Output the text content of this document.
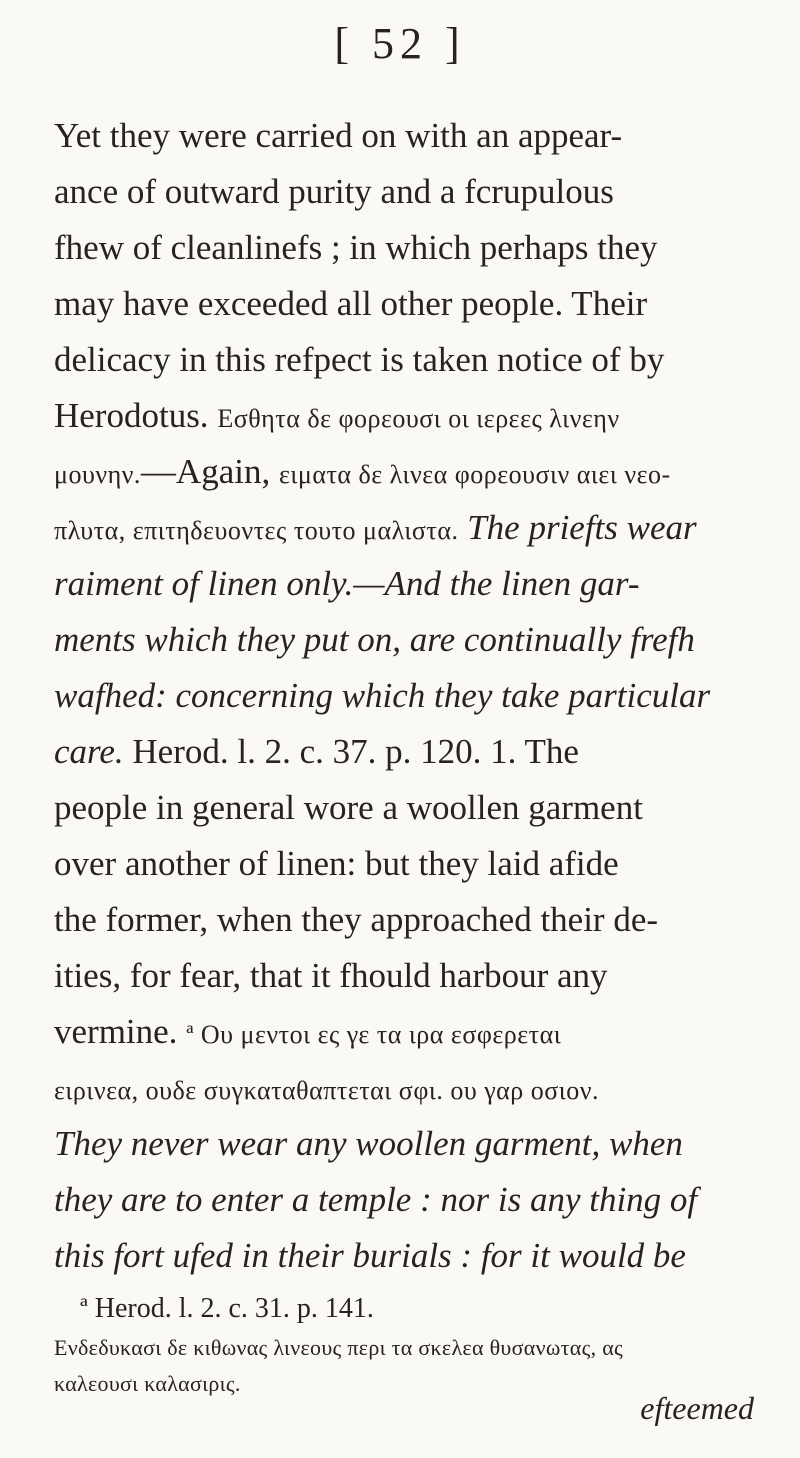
[ 52 ]
Yet they were carried on with an appear-
ance of outward purity and a fcrupulous
fhew of cleanlinefs ; in which perhaps they
may have exceeded all other people. Their
delicacy in this refpect is taken notice of by
Herodotus. Εσθητα δε φορεουσι οι ιερεες λινεην
μουνην.—Again, ειματα δε λινεα φορεουσιν αιει νεο-
πλυτα, επιτηδευοντες τουτο μαλιστα. The priefts wear
raiment of linen only.—And the linen gar-
ments which they put on, are continually frefh
wafhed: concerning which they take particular
care. Herod. l. 2. c. 37. p. 120. 1. The
people in general wore a woollen garment
over another of linen: but they laid afide
the former, when they approached their de-
ities, for fear, that it fhould harbour any
vermine. ª Ου μεντοι ες γε τα ιρα εσφερεται
ειρινεα, ουδε συγκαταθαπτεται σφι. ου γαρ οσιον.
They never wear any woollen garment, when
they are to enter a temple : nor is any thing of
this fort ufed in their burials : for it would be
ª Herod. l. 2. c. 31. p. 141.
Ενδεδυκασι δε κιθωνας λινεους περι τα σκελεα θυσανωτας, ας
καλεουσι καλασιρις.
efteemed
